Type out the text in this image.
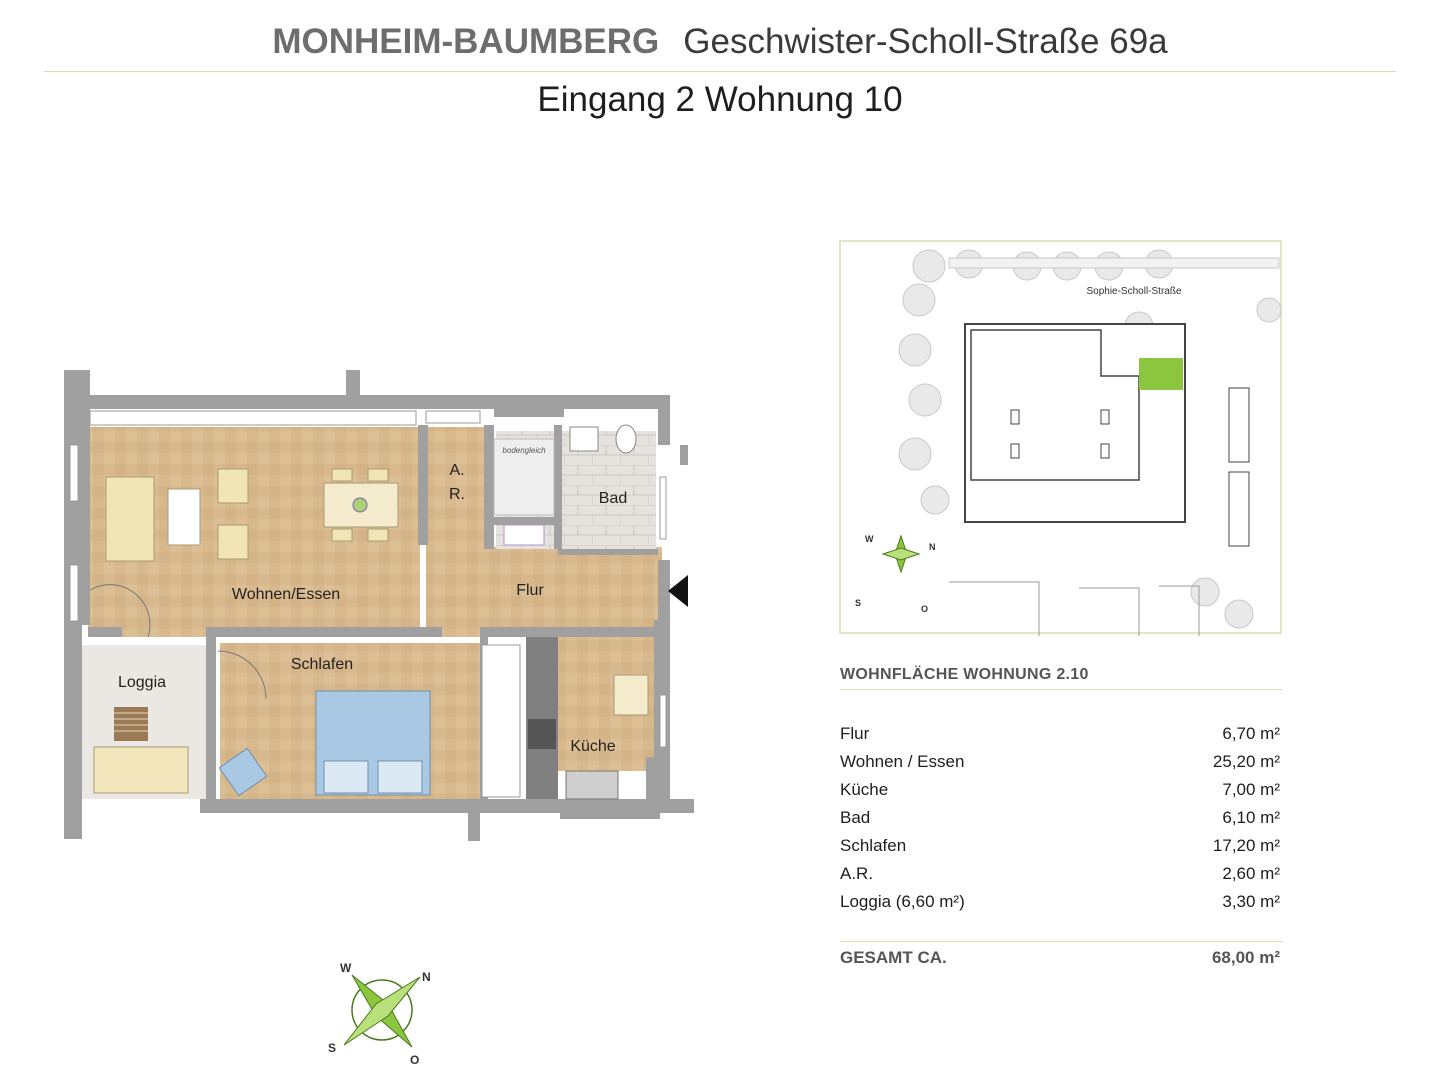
MONHEIM-BAUMBERG Geschwister-Scholl-Straße 69a
Eingang 2 Wohnung 10
Wohnen/Essen
A.
R.	Bad
bodengleich
Flur
Loggia
Schlafen
Küche
Sophie-Scholl-Straße
N
O
S
W
W
N
S
O
WOHNFLÄCHE WOHNUNG 2.10
Flur	6,70 m²
Wohnen / Essen	25,20 m²
Küche	7,00 m²
Bad	6,10 m²
Schlafen	17,20 m²
A.R.	2,60 m²
Loggia (6,60 m²)	3,30 m²
GESAMT CA.	68,00 m²
